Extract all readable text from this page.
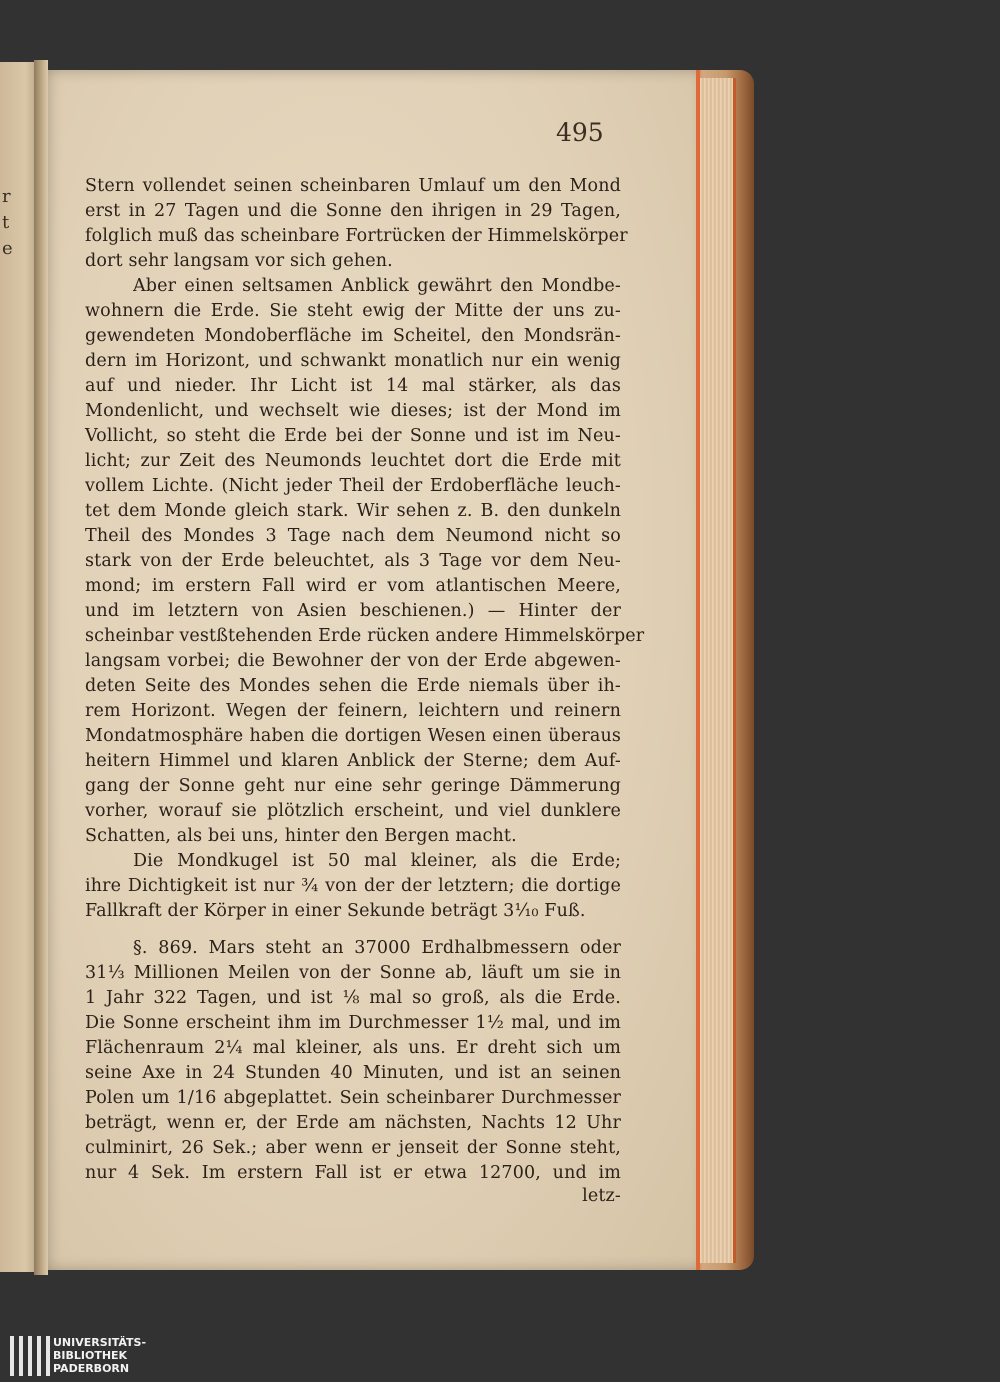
r
t
e
495
Stern vollendet seinen scheinbaren Umlauf um den Mond
erst in 27 Tagen und die Sonne den ihrigen in 29 Tagen,
folglich muß das scheinbare Fortrücken der Himmelskörper
dort sehr langsam vor sich gehen.
Aber einen seltsamen Anblick gewährt den Mondbe-
wohnern die Erde. Sie steht ewig der Mitte der uns zu-
gewendeten Mondoberfläche im Scheitel, den Mondsrän-
dern im Horizont, und schwankt monatlich nur ein wenig
auf und nieder. Ihr Licht ist 14 mal stärker, als das
Mondenlicht, und wechselt wie dieses; ist der Mond im
Vollicht, so steht die Erde bei der Sonne und ist im Neu-
licht; zur Zeit des Neumonds leuchtet dort die Erde mit
vollem Lichte. (Nicht jeder Theil der Erdoberfläche leuch-
tet dem Monde gleich stark. Wir sehen z. B. den dunkeln
Theil des Mondes 3 Tage nach dem Neumond nicht so
stark von der Erde beleuchtet, als 3 Tage vor dem Neu-
mond; im erstern Fall wird er vom atlantischen Meere,
und im letztern von Asien beschienen.) — Hinter der
scheinbar vestßtehenden Erde rücken andere Himmelskörper
langsam vorbei; die Bewohner der von der Erde abgewen-
deten Seite des Mondes sehen die Erde niemals über ih-
rem Horizont. Wegen der feinern, leichtern und reinern
Mondatmosphäre haben die dortigen Wesen einen überaus
heitern Himmel und klaren Anblick der Sterne; dem Auf-
gang der Sonne geht nur eine sehr geringe Dämmerung
vorher, worauf sie plötzlich erscheint, und viel dunklere
Schatten, als bei uns, hinter den Bergen macht.
Die Mondkugel ist 50 mal kleiner, als die Erde;
ihre Dichtigkeit ist nur ¾ von der der letztern; die dortige
Fallkraft der Körper in einer Sekunde beträgt 3⅒ Fuß.
§. 869. Mars steht an 37000 Erdhalbmessern oder
31⅓ Millionen Meilen von der Sonne ab, läuft um sie in
1 Jahr 322 Tagen, und ist ⅛ mal so groß, als die Erde.
Die Sonne erscheint ihm im Durchmesser 1½ mal, und im
Flächenraum 2¼ mal kleiner, als uns. Er dreht sich um
seine Axe in 24 Stunden 40 Minuten, und ist an seinen
Polen um 1/16 abgeplattet. Sein scheinbarer Durchmesser
beträgt, wenn er, der Erde am nächsten, Nachts 12 Uhr
culminirt, 26 Sek.; aber wenn er jenseit der Sonne steht,
nur 4 Sek. Im erstern Fall ist er etwa 12700, und im
letz-
UNIVERSITÄTS-
BIBLIOTHEK
PADERBORN
